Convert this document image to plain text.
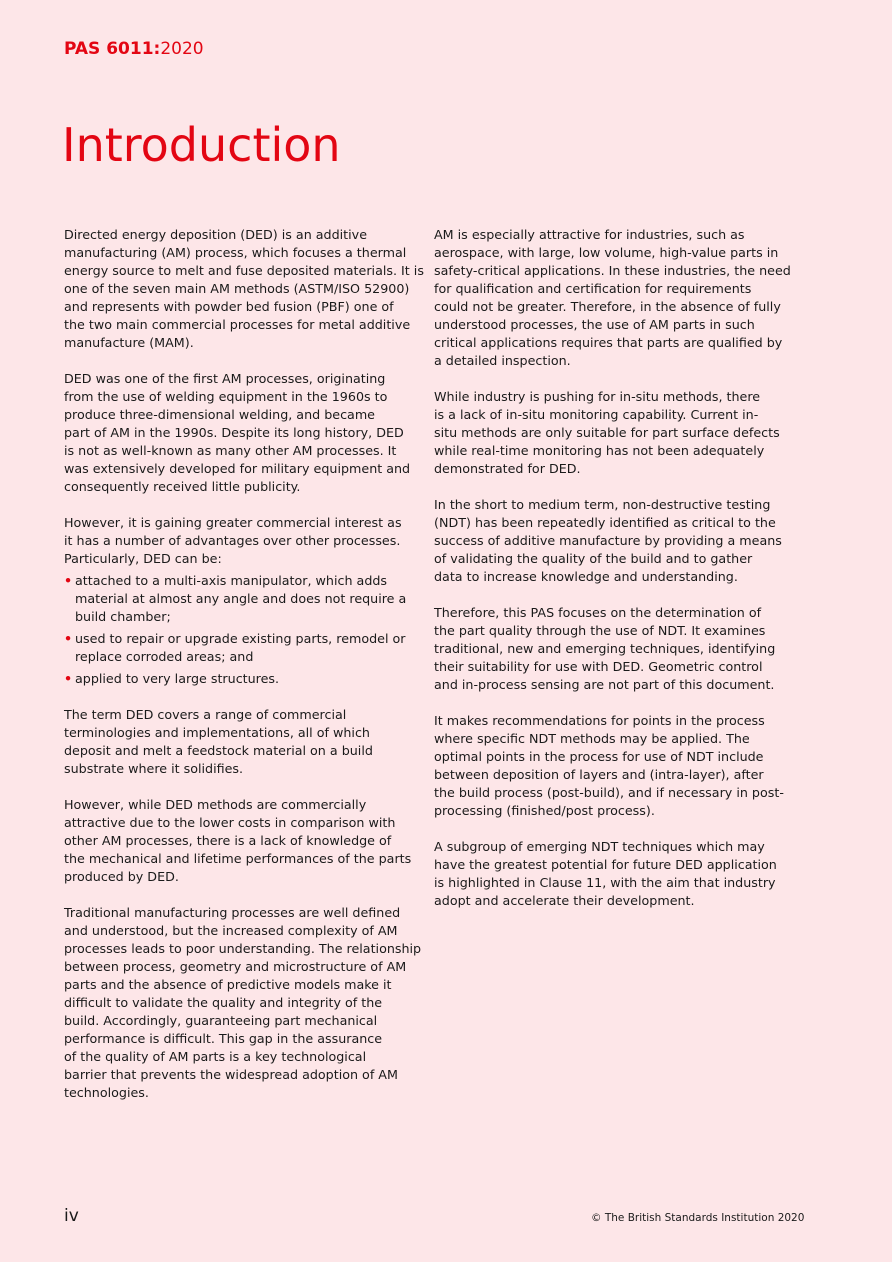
PAS 6011:2020
Introduction

Directed energy deposition (DED) is an additive
manufacturing (AM) process, which focuses a thermal
energy source to melt and fuse deposited materials. It is
one of the seven main AM methods (ASTM/ISO 52900)
and represents with powder bed fusion (PBF) one of
the two main commercial processes for metal additive
manufacture (MAM).

DED was one of the first AM processes, originating
from the use of welding equipment in the 1960s to
produce three-dimensional welding, and became
part of AM in the 1990s. Despite its long history, DED
is not as well-known as many other AM processes. It
was extensively developed for military equipment and
consequently received little publicity.

However, it is gaining greater commercial interest as
it has a number of advantages over other processes.
Particularly, DED can be:

• attached to a multi-axis manipulator, which adds
material at almost any angle and does not require a
build chamber;
• used to repair or upgrade existing parts, remodel or
replace corroded areas; and
• applied to very large structures.

The term DED covers a range of commercial
terminologies and implementations, all of which
deposit and melt a feedstock material on a build
substrate where it solidifies.

However, while DED methods are commercially
attractive due to the lower costs in comparison with
other AM processes, there is a lack of knowledge of
the mechanical and lifetime performances of the parts
produced by DED.

Traditional manufacturing processes are well defined
and understood, but the increased complexity of AM
processes leads to poor understanding. The relationship
between process, geometry and microstructure of AM
parts and the absence of predictive models make it
difficult to validate the quality and integrity of the
build. Accordingly, guaranteeing part mechanical
performance is difficult. This gap in the assurance
of the quality of AM parts is a key technological
barrier that prevents the widespread adoption of AM
technologies.

AM is especially attractive for industries, such as
aerospace, with large, low volume, high-value parts in
safety-critical applications. In these industries, the need
for qualification and certification for requirements
could not be greater. Therefore, in the absence of fully
understood processes, the use of AM parts in such
critical applications requires that parts are qualified by
a detailed inspection.

While industry is pushing for in-situ methods, there
is a lack of in-situ monitoring capability. Current in-
situ methods are only suitable for part surface defects
while real-time monitoring has not been adequately
demonstrated for DED.

In the short to medium term, non-destructive testing
(NDT) has been repeatedly identified as critical to the
success of additive manufacture by providing a means
of validating the quality of the build and to gather
data to increase knowledge and understanding.

Therefore, this PAS focuses on the determination of
the part quality through the use of NDT. It examines
traditional, new and emerging techniques, identifying
their suitability for use with DED. Geometric control
and in-process sensing are not part of this document.

It makes recommendations for points in the process
where specific NDT methods may be applied. The
optimal points in the process for use of NDT include
between deposition of layers and (intra-layer), after
the build process (post-build), and if necessary in post-
processing (finished/post process).

A subgroup of emerging NDT techniques which may
have the greatest potential for future DED application
is highlighted in Clause 11, with the aim that industry
adopt and accelerate their development.

iv	© The British Standards Institution 2020
